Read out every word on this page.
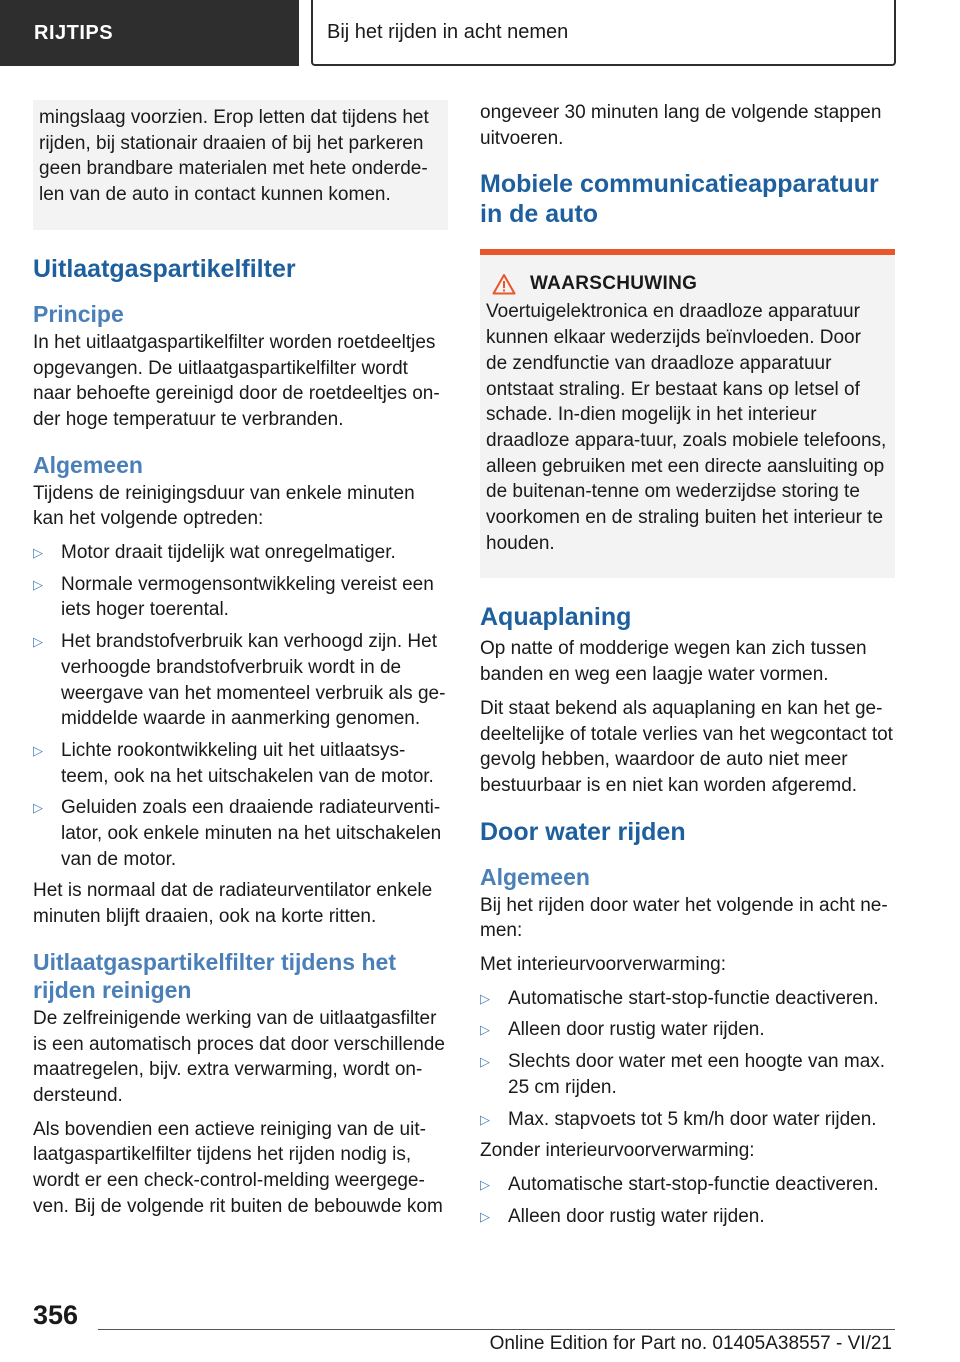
RIJTIPS	Bij het rijden in acht nemen

mingslaag voorzien. Erop letten dat tijdens het rijden, bij stationair draaien of bij het parkeren geen brandbare materialen met hete onderde-len van de auto in contact kunnen komen.

Uitlaatgaspartikelfilter
Principe

In het uitlaatgaspartikelfilter worden roetdeeltjes opgevangen. De uitlaatgaspartikelfilter wordt naar behoefte gereinigd door de roetdeeltjes on-der hoge temperatuur te verbranden.

Algemeen

Tijdens de reinigingsduur van enkele minuten kan het volgende optreden:

▷ Motor draait tijdelijk wat onregelmatiger.
▷ Normale vermogensontwikkeling vereist een iets hoger toerental.
▷ Het brandstofverbruik kan verhoogd zijn. Het verhoogde brandstofverbruik wordt in de weergave van het momenteel verbruik als ge-middelde waarde in aanmerking genomen.
▷ Lichte rookontwikkeling uit het uitlaatsys-teem, ook na het uitschakelen van de motor.
▷ Geluiden zoals een draaiende radiateurventi-lator, ook enkele minuten na het uitschakelen van de motor.

Het is normaal dat de radiateurventilator enkele minuten blijft draaien, ook na korte ritten.

Uitlaatgaspartikelfilter tijdens het rijden reinigen

De zelfreinigende werking van de uitlaatgasfilter is een automatisch proces dat door verschillende maatregelen, bijv. extra verwarming, wordt on-dersteund.

Als bovendien een actieve reiniging van de uit-laatgaspartikelfilter tijdens het rijden nodig is, wordt er een check-control-melding weergege-ven. Bij de volgende rit buiten de bebouwde kom

ongeveer 30 minuten lang de volgende stappen uitvoeren.

Mobiele communicatieapparatuur in de auto
WAARSCHUWING

Voertuigelektronica en draadloze apparatuur kunnen elkaar wederzijds beïnvloeden. Door de zendfunctie van draadloze apparatuur ontstaat straling. Er bestaat kans op letsel of schade. In-dien mogelijk in het interieur draadloze appara-tuur, zoals mobiele telefoons, alleen gebruiken met een directe aansluiting op de buitenan-tenne om wederzijdse storing te voorkomen en de straling buiten het interieur te houden.

Aquaplaning

Op natte of modderige wegen kan zich tussen banden en weg een laagje water vormen.

Dit staat bekend als aquaplaning en kan het ge-deeltelijke of totale verlies van het wegcontact tot gevolg hebben, waardoor de auto niet meer bestuurbaar is en niet kan worden afgeremd.

Door water rijden
Algemeen

Bij het rijden door water het volgende in acht ne-men:

Met interieurvoorverwarming:

▷ Automatische start-stop-functie deactiveren.
▷ Alleen door rustig water rijden.
▷ Slechts door water met een hoogte van max. 25 cm rijden.
▷ Max. stapvoets tot 5 km/h door water rijden.

Zonder interieurvoorverwarming:

▷ Automatische start-stop-functie deactiveren.
▷ Alleen door rustig water rijden.
356
Online Edition for Part no. 01405A38557 - VI/21
